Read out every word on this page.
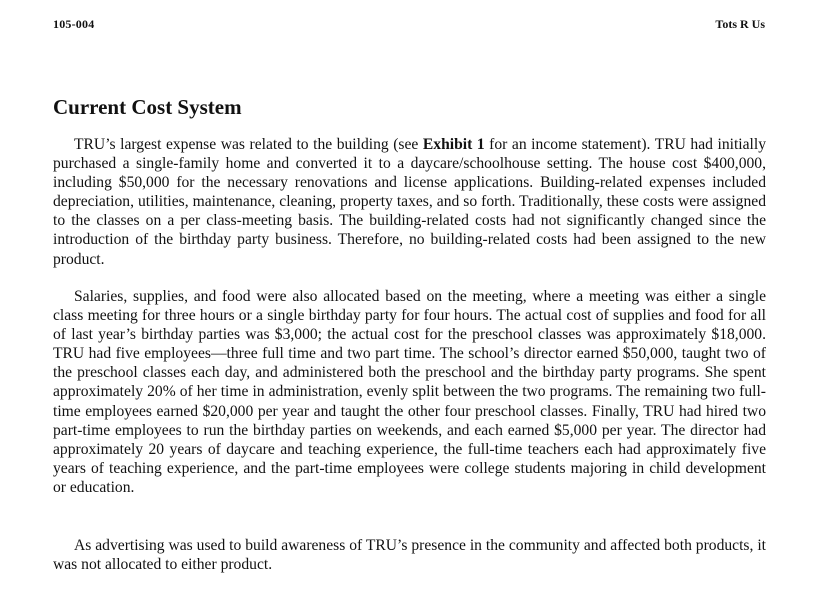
105-004	Tots R Us
Current Cost System

TRU’s largest expense was related to the building (see Exhibit 1 for an income statement). TRU had initially purchased a single-family home and converted it to a daycare/schoolhouse setting. The house cost $400,000, including $50,000 for the necessary renovations and license applications. Building-related expenses included depreciation, utilities, maintenance, cleaning, property taxes, and so forth. Traditionally, these costs were assigned to the classes on a per class-meeting basis. The building-related costs had not significantly changed since the introduction of the birthday party business. Therefore, no building-related costs had been assigned to the new product.

Salaries, supplies, and food were also allocated based on the meeting, where a meeting was either a single class meeting for three hours or a single birthday party for four hours. The actual cost of supplies and food for all of last year’s birthday parties was $3,000; the actual cost for the preschool classes was approximately $18,000. TRU had five employees—three full time and two part time. The school’s director earned $50,000, taught two of the preschool classes each day, and administered both the preschool and the birthday party programs. She spent approximately 20% of her time in administration, evenly split between the two programs. The remaining two full-time employees earned $20,000 per year and taught the other four preschool classes. Finally, TRU had hired two part-time employees to run the birthday parties on weekends, and each earned $5,000 per year. The director had approximately 20 years of daycare and teaching experience, the full-time teachers each had approximately five years of teaching experience, and the part-time employees were college students majoring in child development or education.

As advertising was used to build awareness of TRU’s presence in the community and affected both products, it was not allocated to either product.
